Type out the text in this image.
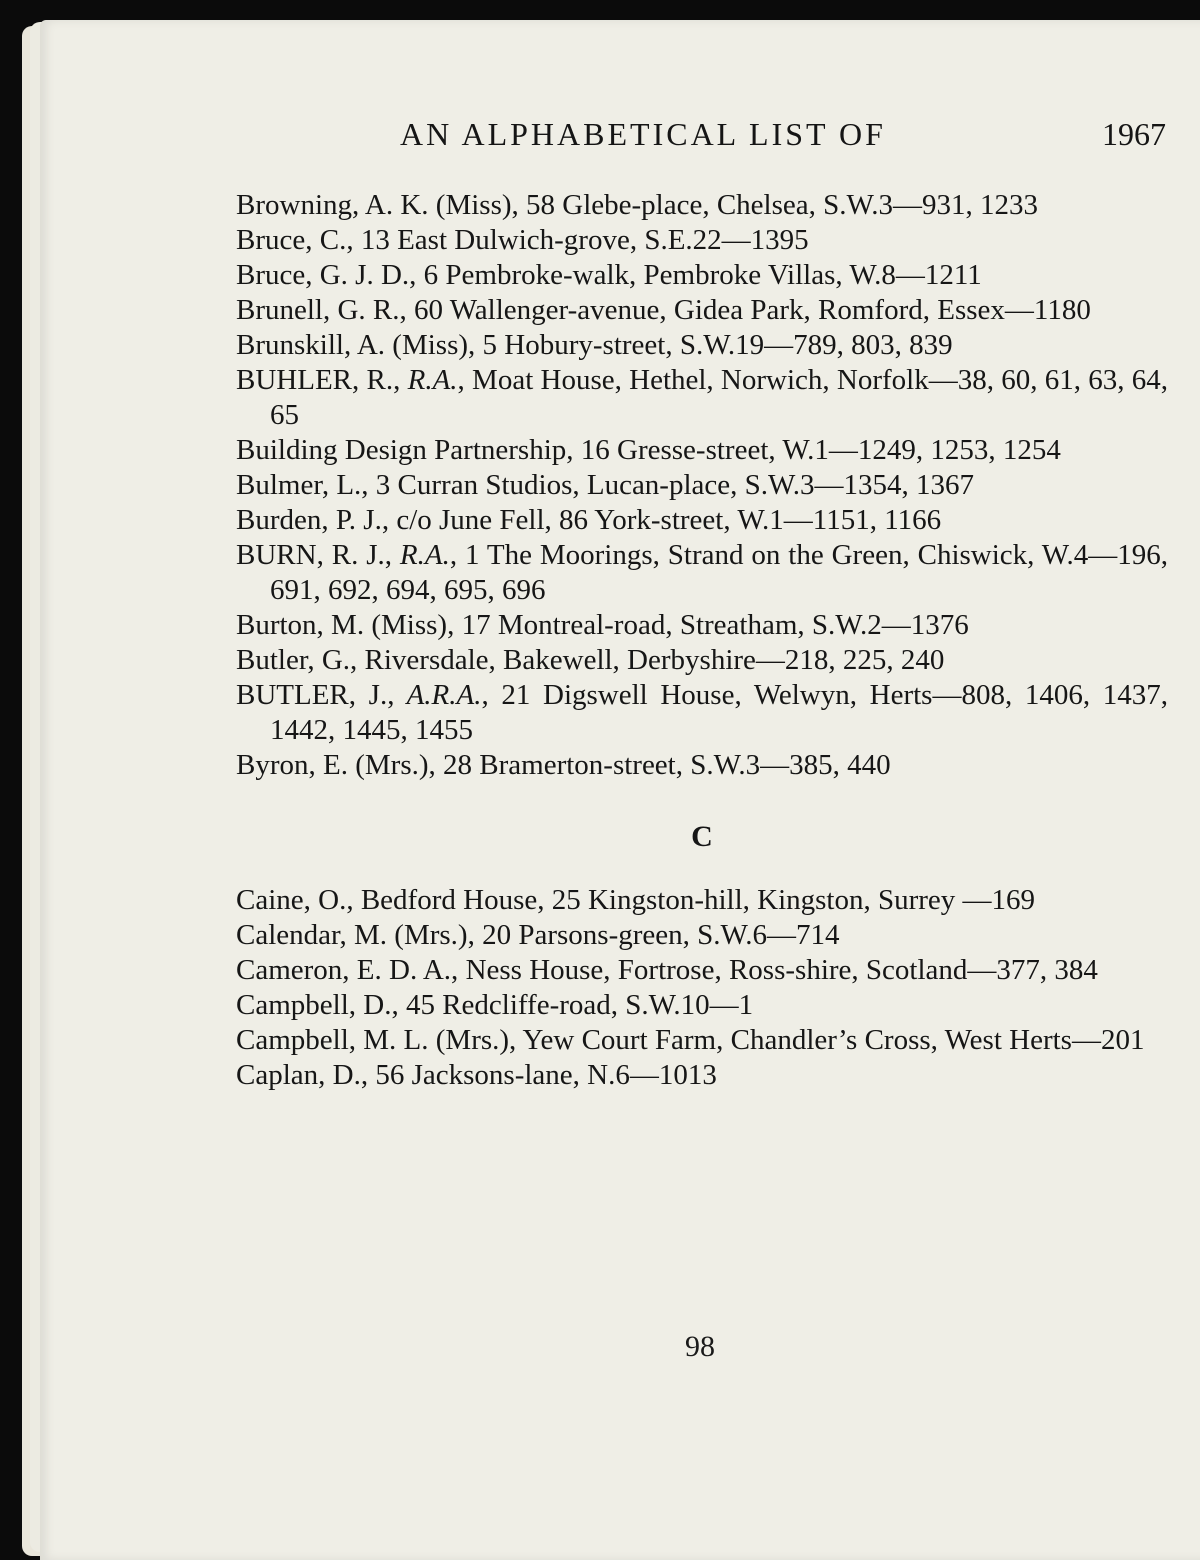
AN ALPHABETICAL LIST OF	1967

Browning, A. K. (Miss), 58 Glebe-place, Chelsea, S.W.3—931, 1233

Bruce, C., 13 East Dulwich-grove, S.E.22—1395

Bruce, G. J. D., 6 Pembroke-walk, Pembroke Villas, W.8—1211

Brunell, G. R., 60 Wallenger-avenue, Gidea Park, Romford, Essex—1180

Brunskill, A. (Miss), 5 Hobury-street, S.W.19—789, 803, 839

BUHLER, R., R.A., Moat House, Hethel, Norwich, Norfolk—38, 60, 61, 63, 64, 65

Building Design Partnership, 16 Gresse-street, W.1—1249, 1253, 1254

Bulmer, L., 3 Curran Studios, Lucan-place, S.W.3—1354, 1367

Burden, P. J., c/o June Fell, 86 York-street, W.1—1151, 1166

BURN, R. J., R.A., 1 The Moorings, Strand on the Green, Chiswick, W.4—196, 691, 692, 694, 695, 696

Burton, M. (Miss), 17 Montreal-road, Streatham, S.W.2—1376

Butler, G., Riversdale, Bakewell, Derbyshire—218, 225, 240

BUTLER, J., A.R.A., 21 Digswell House, Welwyn, Herts—808, 1406, 1437, 1442, 1445, 1455

Byron, E. (Mrs.), 28 Bramerton-street, S.W.3—385, 440

C

Caine, O., Bedford House, 25 Kingston-hill, Kingston, Surrey —169

Calendar, M. (Mrs.), 20 Parsons-green, S.W.6—714

Cameron, E. D. A., Ness House, Fortrose, Ross-shire, Scotland—377, 384

Campbell, D., 45 Redcliffe-road, S.W.10—1

Campbell, M. L. (Mrs.), Yew Court Farm, Chandler’s Cross, West Herts—201

Caplan, D., 56 Jacksons-lane, N.6—1013

98
